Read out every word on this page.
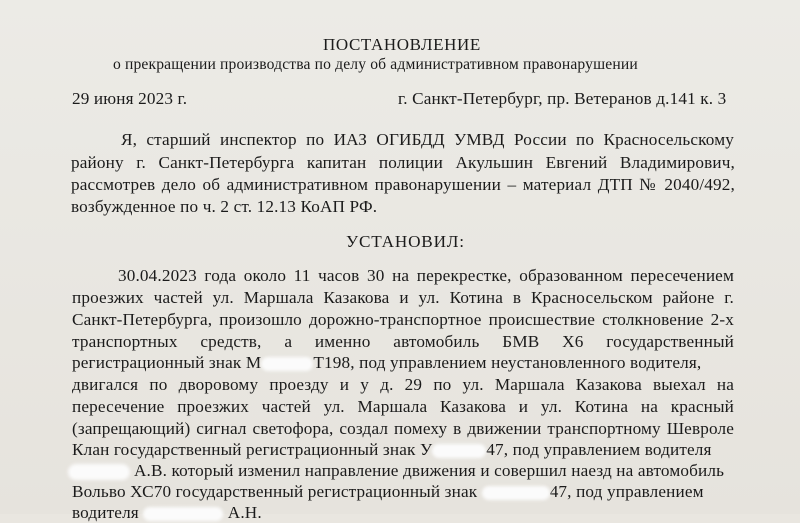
ПОСТАНОВЛЕНИЕ
о прекращении производства по делу об административном правонарушении
29 июня 2023 г.	г. Санкт-Петербург, пр. Ветеранов д.141 к. 3
Я, старший инспектор по ИАЗ ОГИБДД УМВД России по Красносельскому
району г. Санкт-Петербурга капитан полиции Акульшин Евгений Владимирович,
рассмотрев дело об административном правонарушении – материал ДТП № 2040/492,
возбужденное по ч. 2 ст. 12.13 КоАП РФ.
УСТАНОВИЛ:
30.04.2023 года около 11 часов 30 на перекрестке, образованном пересечением
проезжих частей ул. Маршала Казакова и ул. Котина в Красносельском районе г.
Санкт-Петербурга, произошло дорожно-транспортное происшествие столкновение 2-х
транспортных средств, а именно автомобиль БМВ Х6 государственный
регистрационный знак М	Т198, под управлением неустановленного водителя,
двигался по дворовому проезду и у д. 29 по ул. Маршала Казакова выехал на
пересечение проезжих частей ул. Маршала Казакова и ул. Котина на красный
(запрещающий) сигнал светофора, создал помеху в движении транспортному Шевроле
Клан государственный регистрационный знак У	47, под управлением водителя
А.В. который изменил направление движения и совершил наезд на автомобиль
Вольво ХС70 государственный регистрационный знак	47, под управлением
водителя	А.Н.
